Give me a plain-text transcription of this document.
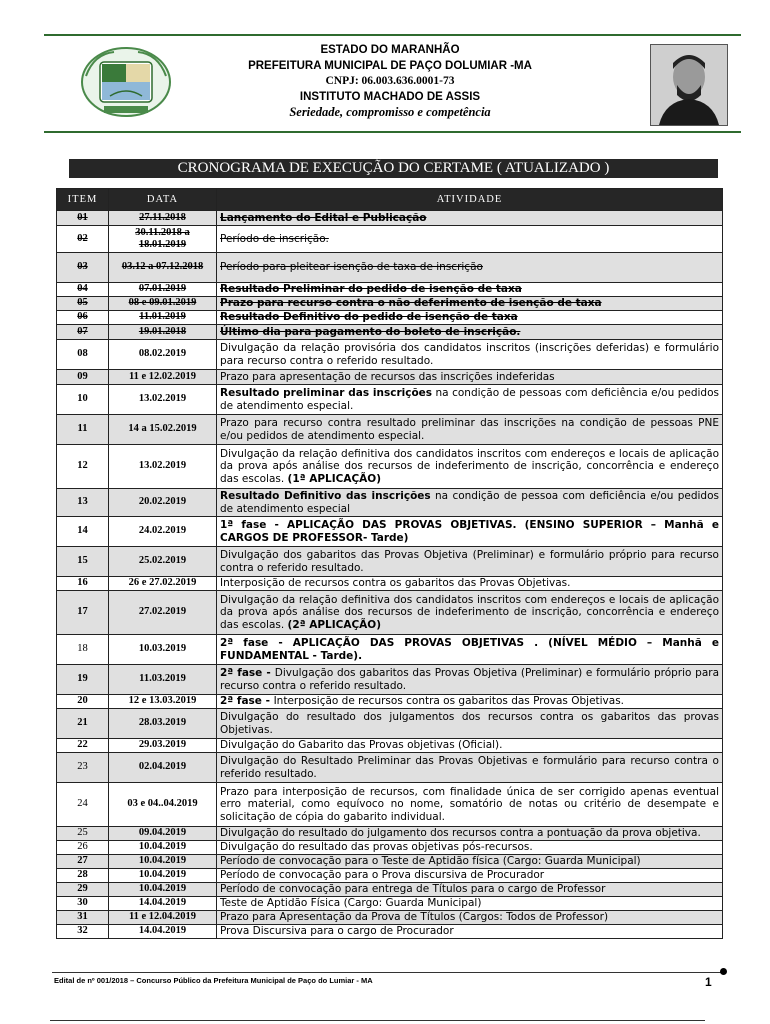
ESTADO DO MARANHÃO
PREFEITURA MUNICIPAL DE PAÇO DOLUMIAR -MA
CNPJ: 06.003.636.0001-73
INSTITUTO MACHADO DE ASSIS
Seriedade, compromisso e competência
CRONOGRAMA DE EXECUÇÃO DO CERTAME ( ATUALIZADO )
ITEM	DATA	ATIVIDADE
01	27.11.2018	Lançamento do Edital e Publicação
02	30.11.2018 a 18.01.2019	Período de inscrição.
03	03.12 a 07.12.2018	Período para pleitear isenção de taxa de inscrição
04	07.01.2019	Resultado Preliminar do pedido de isenção de taxa
05	08 e 09.01.2019	Prazo para recurso contra o não deferimento de isenção de taxa
06	11.01.2019	Resultado Definitivo do pedido de isenção de taxa
07	19.01.2018	Último dia para pagamento do boleto de inscrição.
08	08.02.2019	Divulgação da relação provisória dos candidatos inscritos (inscrições deferidas) e formulário para recurso contra o referido resultado.
09	11 e 12.02.2019	Prazo para apresentação de recursos das inscrições indeferidas
10	13.02.2019	Resultado preliminar das inscrições na condição de pessoas com deficiência e/ou pedidos de atendimento especial.
11	14 a 15.02.2019	Prazo para recurso contra resultado preliminar das inscrições na condição de pessoas PNE e/ou pedidos de atendimento especial.
12	13.02.2019	Divulgação da relação definitiva dos candidatos inscritos com endereços e locais de aplicação da prova após análise dos recursos de indeferimento de inscrição, concorrência e endereço das escolas. (1ª APLICAÇÃO)
13	20.02.2019	Resultado Definitivo das inscrições na condição de pessoa com deficiência e/ou pedidos de atendimento especial
14	24.02.2019	1ª fase - APLICAÇÃO DAS PROVAS OBJETIVAS. (ENSINO SUPERIOR – Manhã e CARGOS DE PROFESSOR- Tarde)
15	25.02.2019	Divulgação dos gabaritos das Provas Objetiva (Preliminar) e formulário próprio para recurso contra o referido resultado.
16	26 e 27.02.2019	Interposição de recursos contra os gabaritos das Provas Objetivas.
17	27.02.2019	Divulgação da relação definitiva dos candidatos inscritos com endereços e locais de aplicação da prova após análise dos recursos de indeferimento de inscrição, concorrência e endereço das escolas. (2ª APLICAÇÃO)
18	10.03.2019	2ª fase - APLICAÇÃO DAS PROVAS OBJETIVAS . (NÍVEL MÉDIO – Manhã e FUNDAMENTAL - Tarde).
19	11.03.2019	2ª fase - Divulgação dos gabaritos das Provas Objetiva (Preliminar) e formulário próprio para recurso contra o referido resultado.
20	12 e 13.03.2019	2ª fase - Interposição de recursos contra os gabaritos das Provas Objetivas.
21	28.03.2019	Divulgação do resultado dos julgamentos dos recursos contra os gabaritos das provas Objetivas.
22	29.03.2019	Divulgação do Gabarito das Provas objetivas (Oficial).
23	02.04.2019	Divulgação do Resultado Preliminar das Provas Objetivas e formulário para recurso contra o referido resultado.
24	03 e 04..04.2019	Prazo para interposição de recursos, com finalidade única de ser corrigido apenas eventual erro material, como equívoco no nome, somatório de notas ou critério de desempate e solicitação de cópia do gabarito individual.
25	09.04.2019	Divulgação do resultado do julgamento dos recursos contra a pontuação da prova objetiva.
26	10.04.2019	Divulgação do resultado das provas objetivas pós-recursos.
27	10.04.2019	Período de convocação para o Teste de Aptidão física (Cargo: Guarda Municipal)
28	10.04.2019	Período de convocação para o Prova discursiva de Procurador
29	10.04.2019	Período de convocação para entrega de Títulos para o cargo de Professor
30	14.04.2019	Teste de Aptidão Física (Cargo: Guarda Municipal)
31	11 e 12.04.2019	Prazo para Apresentação da Prova de Títulos (Cargos: Todos de Professor)
32	14.04.2019	Prova Discursiva para o cargo de Procurador
Edital de nº 001/2018 – Concurso Público da Prefeitura Municipal de Paço do Lumiar - MA	1
